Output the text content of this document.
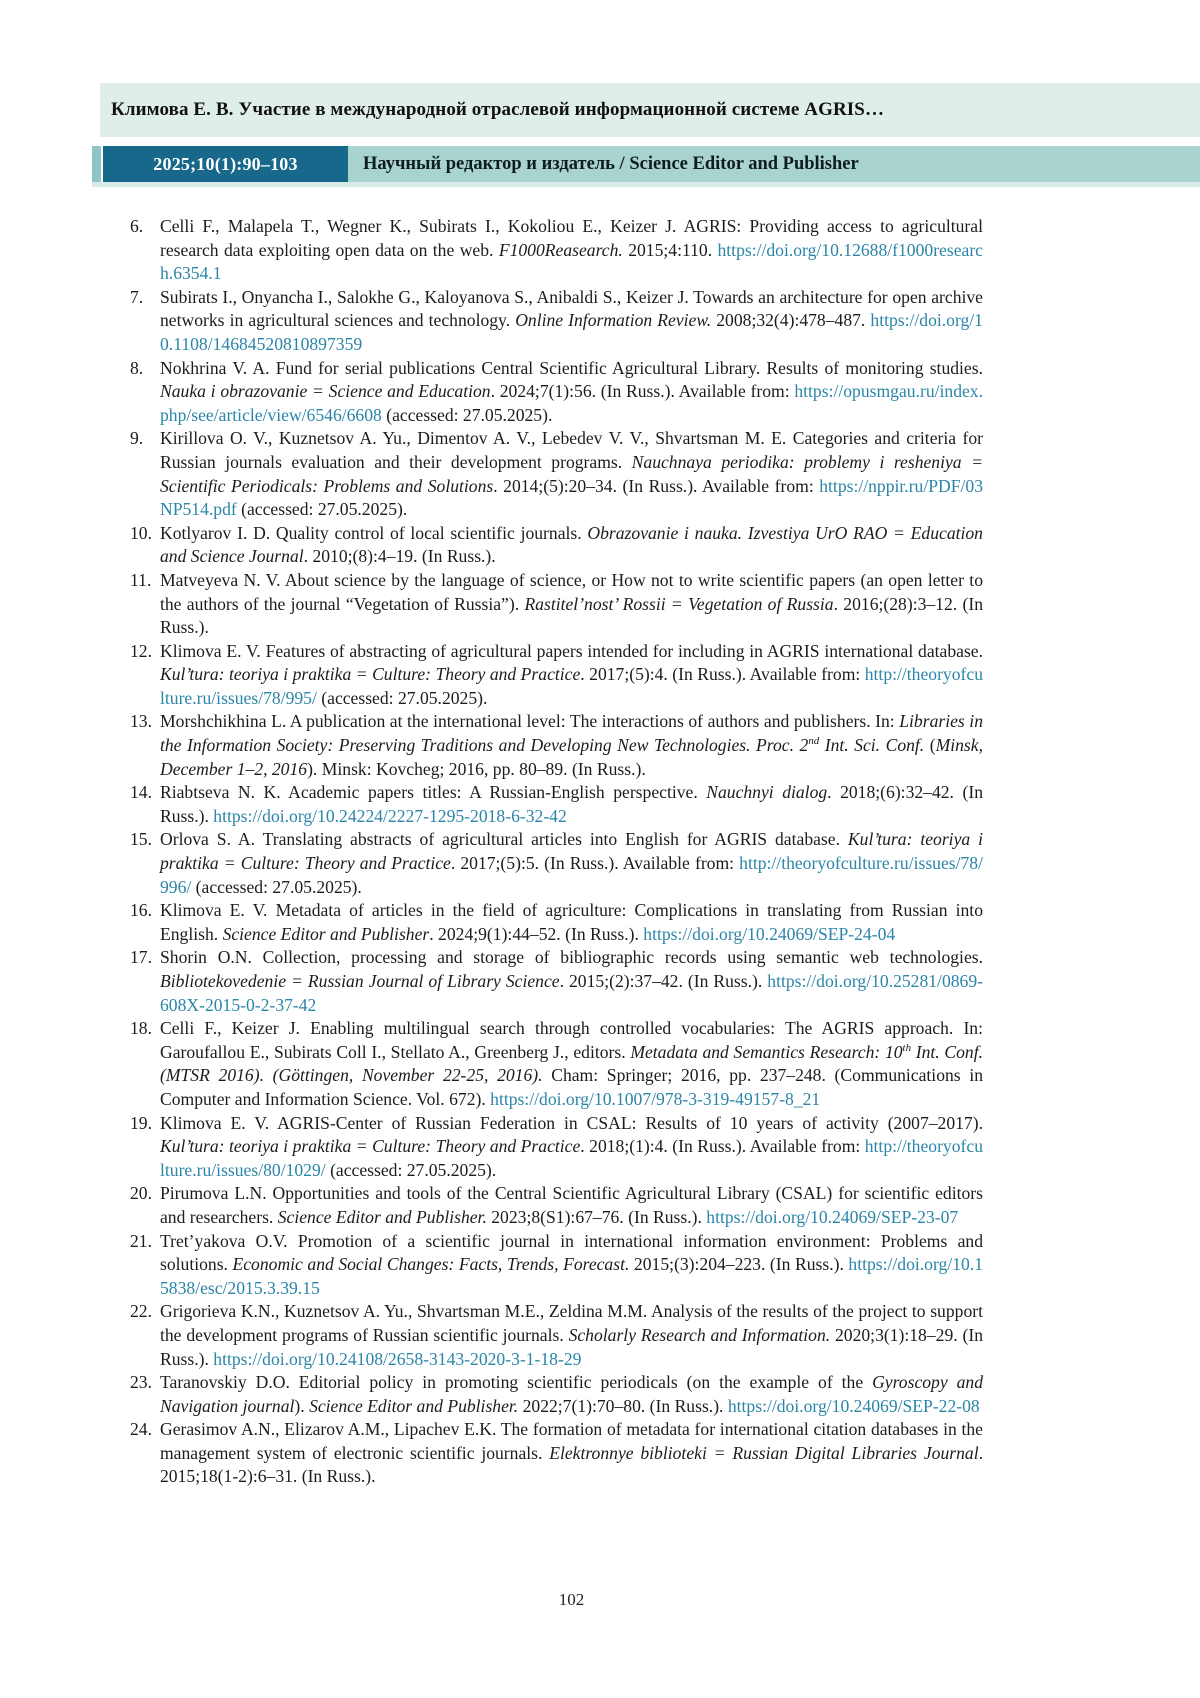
Климова Е. В. Участие в международной отраслевой информационной системе AGRIS…
2025;10(1):90–103	Научный редактор и издатель / Science Editor and Publisher
6. Celli F., Malapela T., Wegner K., Subirats I., Kokoliou E., Keizer J. AGRIS: Providing access to agricultural research data exploiting open data on the web. F1000Reasearch. 2015;4:110. https://doi.org/10.12688/f1000research.6354.1
7. Subirats I., Onyancha I., Salokhe G., Kaloyanova S., Anibaldi S., Keizer J. Towards an architecture for open archive networks in agricultural sciences and technology. Online Information Review. 2008;32(4):478–487. https://doi.org/10.1108/14684520810897359
8. Nokhrina V. A. Fund for serial publications Central Scientific Agricultural Library. Results of monitoring studies. Nauka i obrazovanie = Science and Education. 2024;7(1):56. (In Russ.). Available from: https://opusmgau.ru/index.php/see/article/view/6546/6608 (accessed: 27.05.2025).
9. Kirillova O. V., Kuznetsov A. Yu., Dimentov A. V., Lebedev V. V., Shvartsman M. E. Categories and criteria for Russian journals evaluation and their development programs. Nauchnaya periodika: problemy i resheniya = Scientific Periodicals: Problems and Solutions. 2014;(5):20–34. (In Russ.). Available from: https://nppir.ru/PDF/03NP514.pdf (accessed: 27.05.2025).
10. Kotlyarov I. D. Quality control of local scientific journals. Obrazovanie i nauka. Izvestiya UrO RAO = Education and Science Journal. 2010;(8):4–19. (In Russ.).
11. Matveyeva N. V. About science by the language of science, or How not to write scientific papers (an open letter to the authors of the journal “Vegetation of Russia”). Rastitel’nost’ Rossii = Vegetation of Russia. 2016;(28):3–12. (In Russ.).
12. Klimova E. V. Features of abstracting of agricultural papers intended for including in AGRIS international database. Kul’tura: teoriya i praktika = Culture: Theory and Practice. 2017;(5):4. (In Russ.). Available from: http://theoryofculture.ru/issues/78/995/ (accessed: 27.05.2025).
13. Morshchikhina L. A publication at the international level: The interactions of authors and publishers. In: Libraries in the Information Society: Preserving Traditions and Developing New Technologies. Proc. 2nd Int. Sci. Conf. (Minsk, December 1–2, 2016). Minsk: Kovcheg; 2016, pp. 80–89. (In Russ.).
14. Riabtseva N. K. Academic papers titles: A Russian-English perspective. Nauchnyi dialog. 2018;(6):32–42. (In Russ.). https://doi.org/10.24224/2227-1295-2018-6-32-42
15. Orlova S. A. Translating abstracts of agricultural articles into English for AGRIS database. Kul’tura: teoriya i praktika = Culture: Theory and Practice. 2017;(5):5. (In Russ.). Available from: http://theoryofculture.ru/issues/78/996/ (accessed: 27.05.2025).
16. Klimova E. V. Metadata of articles in the field of agriculture: Complications in translating from Russian into English. Science Editor and Publisher. 2024;9(1):44–52. (In Russ.). https://doi.org/10.24069/SEP-24-04
17. Shorin O.N. Collection, processing and storage of bibliographic records using semantic web technologies. Bibliotekovedenie = Russian Journal of Library Science. 2015;(2):37–42. (In Russ.). https://doi.org/10.25281/0869-608X-2015-0-2-37-42
18. Celli F., Keizer J. Enabling multilingual search through controlled vocabularies: The AGRIS approach. In: Garoufallou E., Subirats Coll I., Stellato A., Greenberg J., editors. Metadata and Semantics Research: 10th Int. Conf. (MTSR 2016). (Göttingen, November 22-25, 2016). Cham: Springer; 2016, pp. 237–248. (Communications in Computer and Information Science. Vol. 672). https://doi.org/10.1007/978-3-319-49157-8_21
19. Klimova E. V. AGRIS-Center of Russian Federation in CSAL: Results of 10 years of activity (2007–2017). Kul’tura: teoriya i praktika = Culture: Theory and Practice. 2018;(1):4. (In Russ.). Available from: http://theoryofculture.ru/issues/80/1029/ (accessed: 27.05.2025).
20. Pirumova L.N. Opportunities and tools of the Central Scientific Agricultural Library (CSAL) for scientific editors and researchers. Science Editor and Publisher. 2023;8(S1):67–76. (In Russ.). https://doi.org/10.24069/SEP-23-07
21. Tret’yakova O.V. Promotion of a scientific journal in international information environment: Problems and solutions. Economic and Social Changes: Facts, Trends, Forecast. 2015;(3):204–223. (In Russ.). https://doi.org/10.15838/esc/2015.3.39.15
22. Grigorieva K.N., Kuznetsov A. Yu., Shvartsman M.E., Zeldina M.M. Analysis of the results of the project to support the development programs of Russian scientific journals. Scholarly Research and Information. 2020;3(1):18–29. (In Russ.). https://doi.org/10.24108/2658-3143-2020-3-1-18-29
23. Taranovskiy D.O. Editorial policy in promoting scientific periodicals (on the example of the Gyroscopy and Navigation journal). Science Editor and Publisher. 2022;7(1):70–80. (In Russ.). https://doi.org/10.24069/SEP-22-08
24. Gerasimov A.N., Elizarov A.M., Lipachev E.K. The formation of metadata for international citation databases in the management system of electronic scientific journals. Elektronnye biblioteki = Russian Digital Libraries Journal. 2015;18(1-2):6–31. (In Russ.).
102
